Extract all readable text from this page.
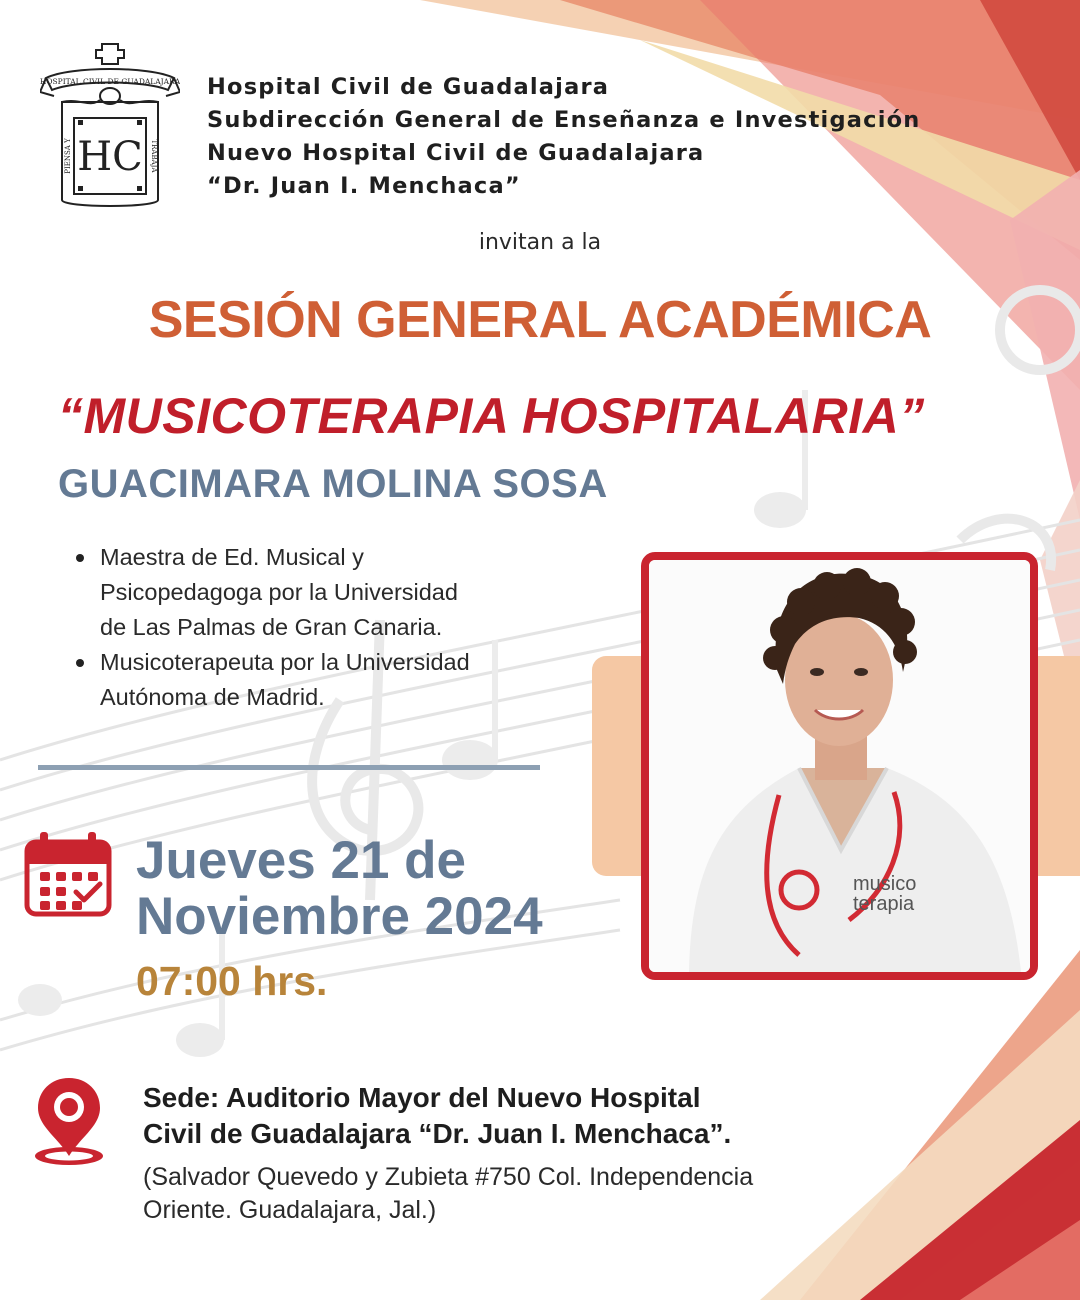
HOSPITAL CIVIL DE GUADALAJARA
HC
PIENSA Y	TRABAJA
Hospital Civil de Guadalajara
Subdirección General de Enseñanza e Investigación
Nuevo Hospital Civil de Guadalajara
“Dr. Juan I. Menchaca”
invitan a la
SESIÓN GENERAL ACADÉMICA
“MUSICOTERAPIA HOSPITALARIA”
GUACIMARA MOLINA SOSA
Maestra de Ed. Musical y
Psicopedagoga por la Universidad
de Las Palmas de Gran Canaria.
Musicoterapeuta por la Universidad
Autónoma de Madrid.
Jueves 21 de
Noviembre 2024
07:00 hrs.
Sede: Auditorio Mayor del Nuevo Hospital
Civil de Guadalajara “Dr. Juan I. Menchaca”.
(Salvador Quevedo y Zubieta #750 Col. Independencia
Oriente. Guadalajara, Jal.)
musico
terapia
